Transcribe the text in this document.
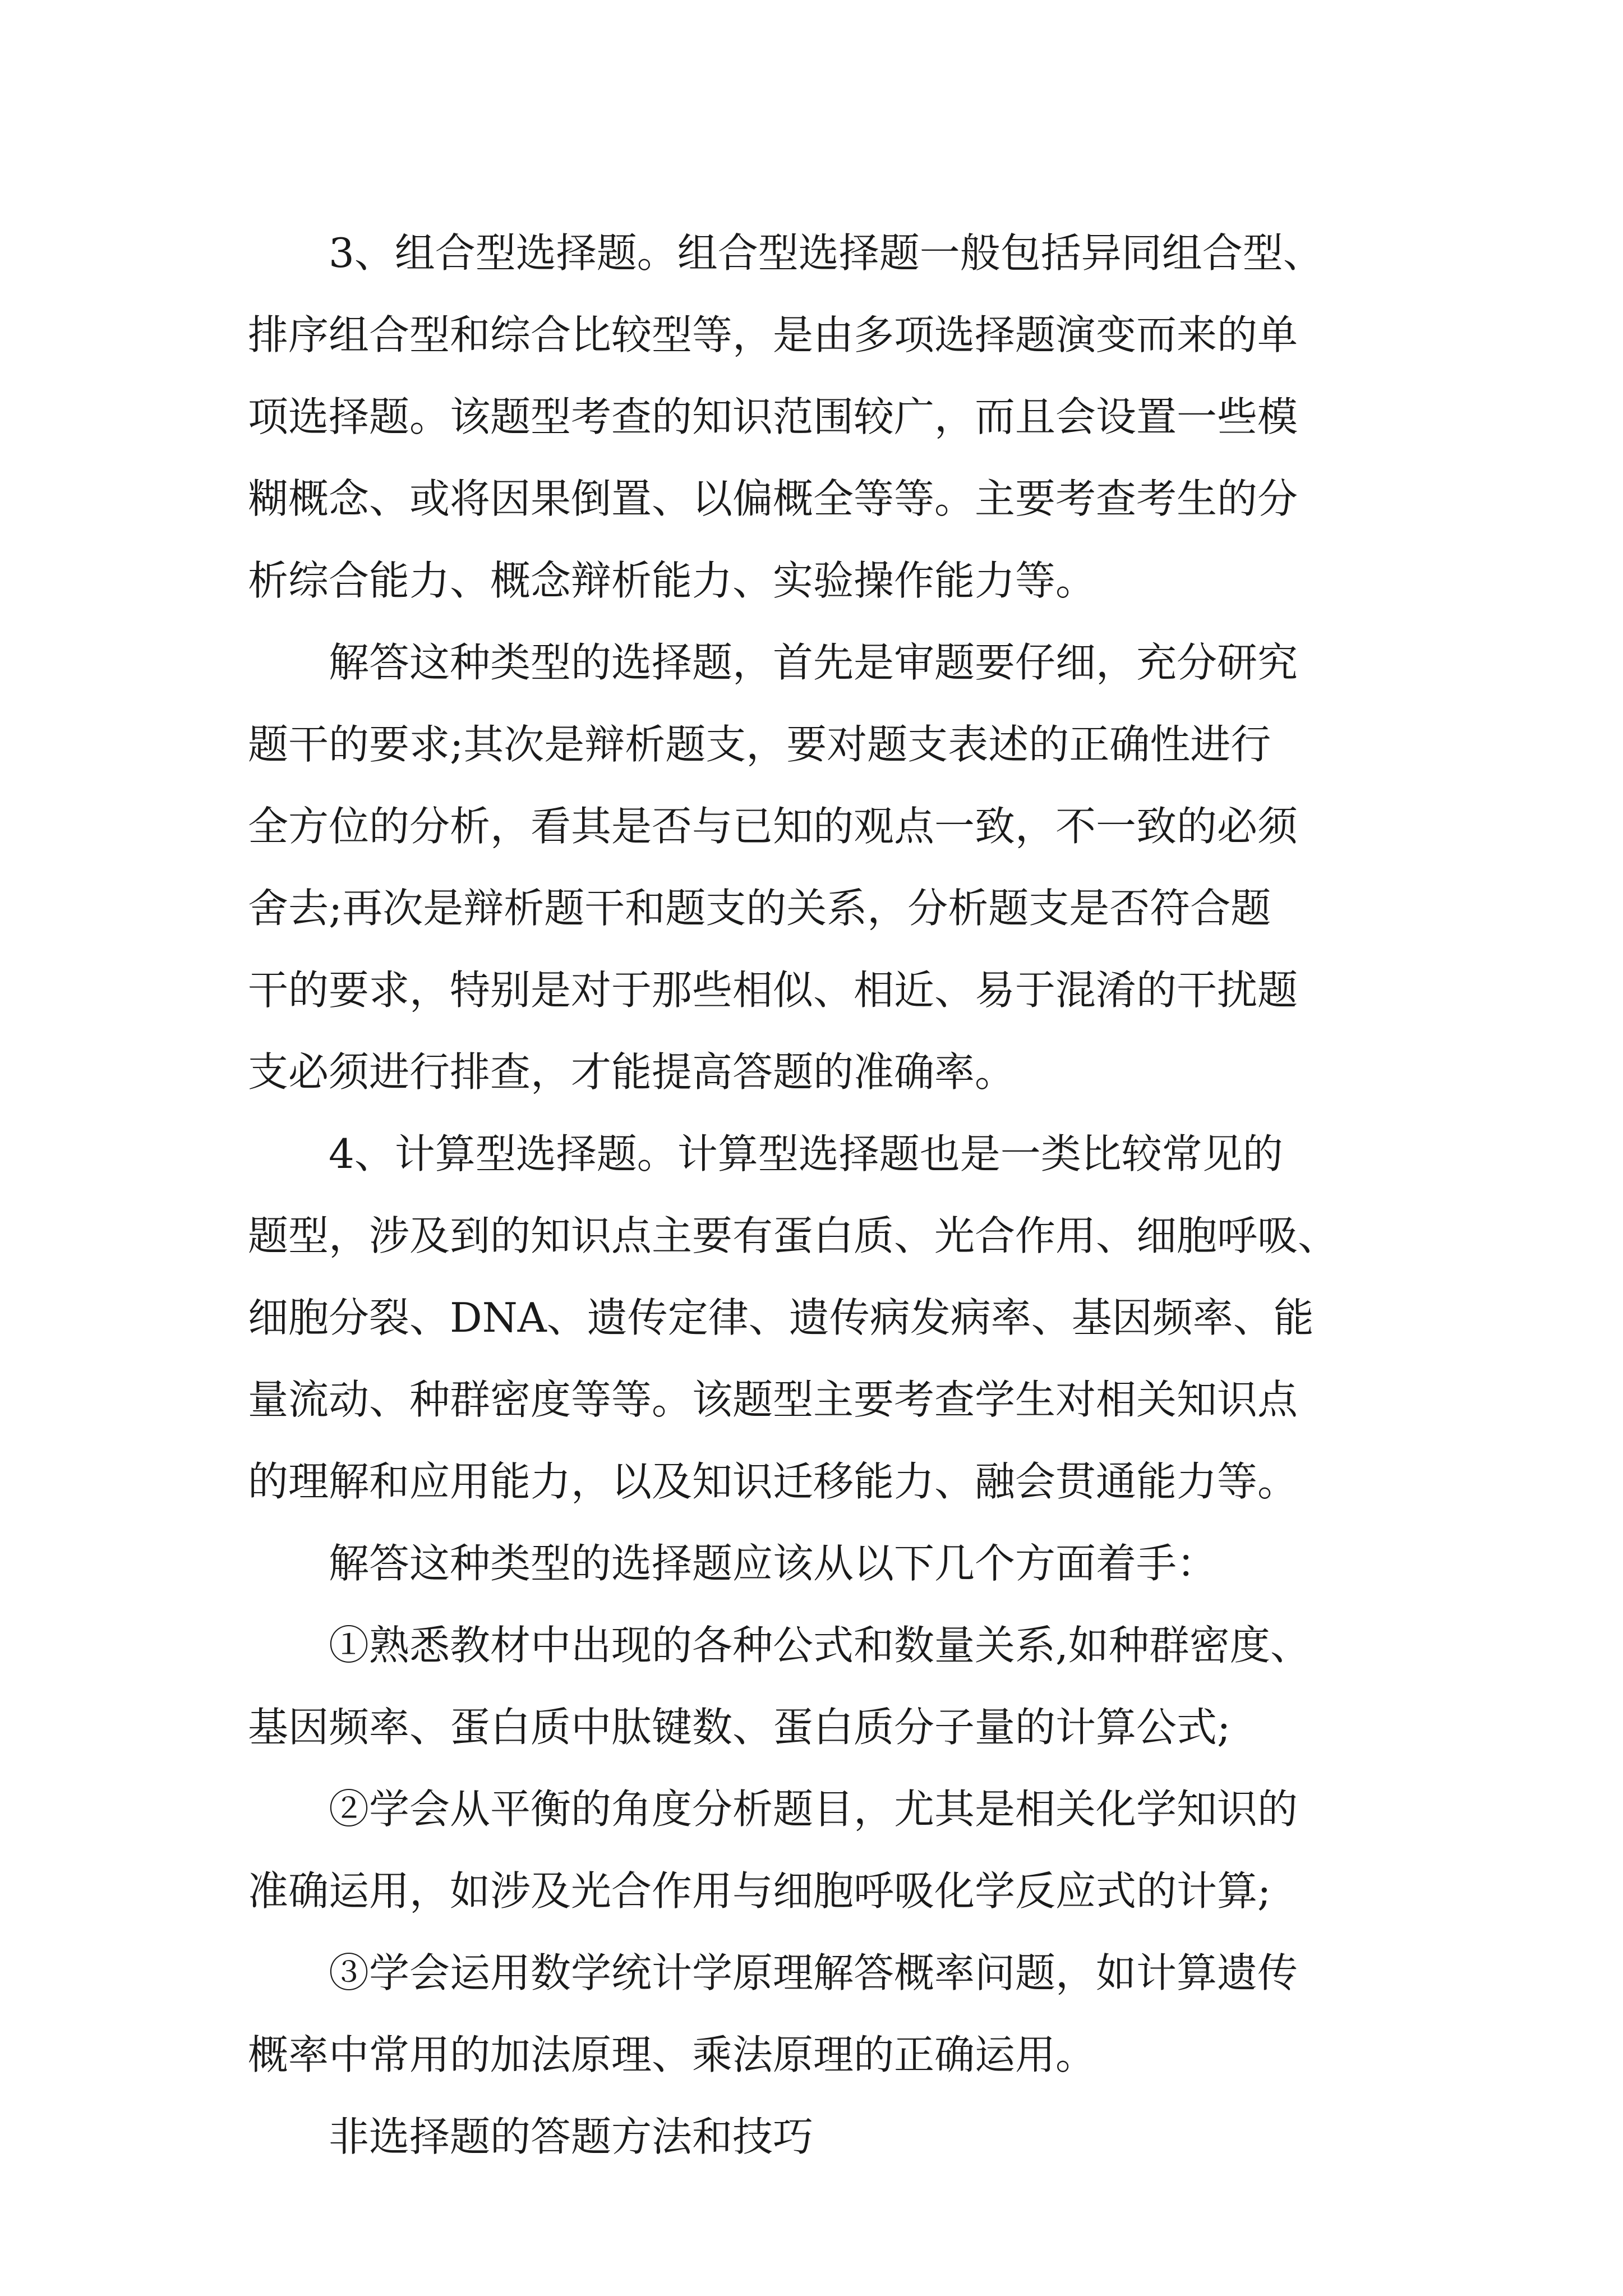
3、组合型选择题。组合型选择题一般包括异同组合型、
排序组合型和综合比较型等，是由多项选择题演变而来的单
项选择题。该题型考查的知识范围较广，而且会设置一些模
糊概念、或将因果倒置、以偏概全等等。主要考查考生的分
析综合能力、概念辩析能力、实验操作能力等。
解答这种类型的选择题，首先是审题要仔细，充分研究
题干的要求;其次是辩析题支，要对题支表述的正确性进行
全方位的分析，看其是否与已知的观点一致，不一致的必须
舍去;再次是辩析题干和题支的关系，分析题支是否符合题
干的要求，特别是对于那些相似、相近、易于混淆的干扰题
支必须进行排查，才能提高答题的准确率。
4、计算型选择题。计算型选择题也是一类比较常见的
题型，涉及到的知识点主要有蛋白质、光合作用、细胞呼吸、
细胞分裂、DNA、遗传定律、遗传病发病率、基因频率、能
量流动、种群密度等等。该题型主要考查学生对相关知识点
的理解和应用能力，以及知识迁移能力、融会贯通能力等。
解答这种类型的选择题应该从以下几个方面着手：
①熟悉教材中出现的各种公式和数量关系,如种群密度、
基因频率、蛋白质中肽键数、蛋白质分子量的计算公式;
②学会从平衡的角度分析题目，尤其是相关化学知识的
准确运用，如涉及光合作用与细胞呼吸化学反应式的计算;
③学会运用数学统计学原理解答概率问题，如计算遗传
概率中常用的加法原理、乘法原理的正确运用。
非选择题的答题方法和技巧
